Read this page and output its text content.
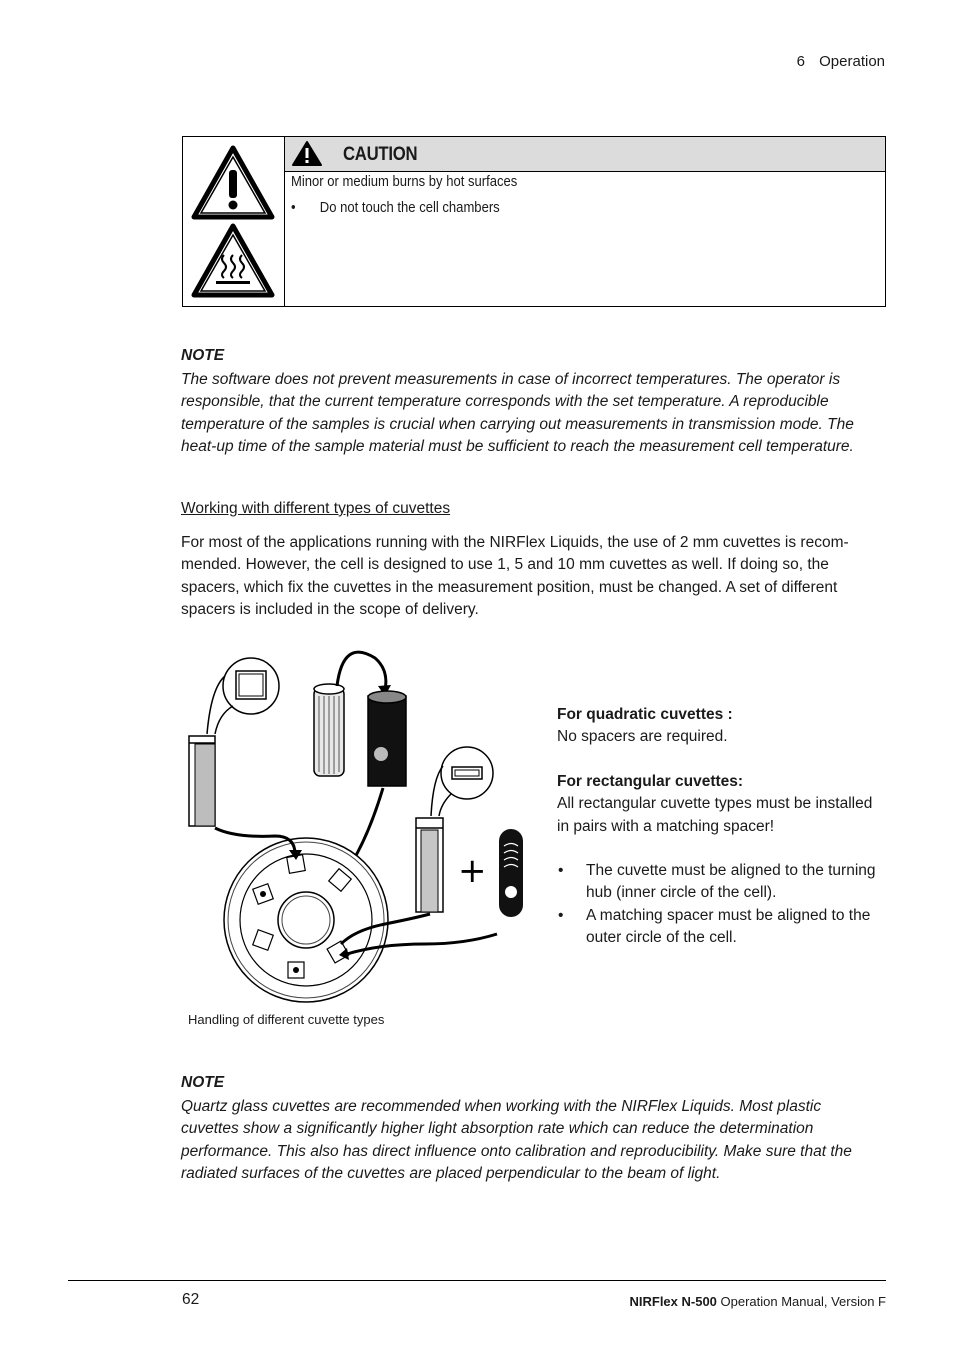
6 Operation
CAUTION
Minor or medium burns by hot surfaces
• Do not touch the cell chambers
NOTE
The software does not prevent measurements in case of incorrect temperatures. The operator is responsible, that the current temperature corresponds with the set temperature. A reproducible temperature of the samples is crucial when carrying out measurements in transmission mode. The heat-up time of the sample material must be sufficient to reach the measurement cell temperature.
Working with different types of cuvettes
For most of the applications running with the NIRFlex Liquids, the use of 2 mm cuvettes is recom-mended. However, the cell is designed to use 1, 5 and 10 mm cuvettes as well. If doing so, the spacers, which fix the cuvettes in the measurement position, must be changed. A set of different spacers is included in the scope of delivery.
+
For quadratic cuvettes :
No spacers are required.
For rectangular cuvettes:
All rectangular cuvette types must be installed in pairs with a matching spacer!
• The cuvette must be aligned to the turning hub (inner circle of the cell).
• A matching spacer must be aligned to the outer circle of the cell.
Handling of different cuvette types
NOTE
Quartz glass cuvettes are recommended when working with the NIRFlex Liquids. Most plastic cuvettes show a significantly higher light absorption rate which can reduce the determination performance. This also has direct influence onto calibration and reproducibility. Make sure that the radiated surfaces of the cuvettes are placed perpendicular to the beam of light.
62	NIRFlex N-500 Operation Manual, Version F
